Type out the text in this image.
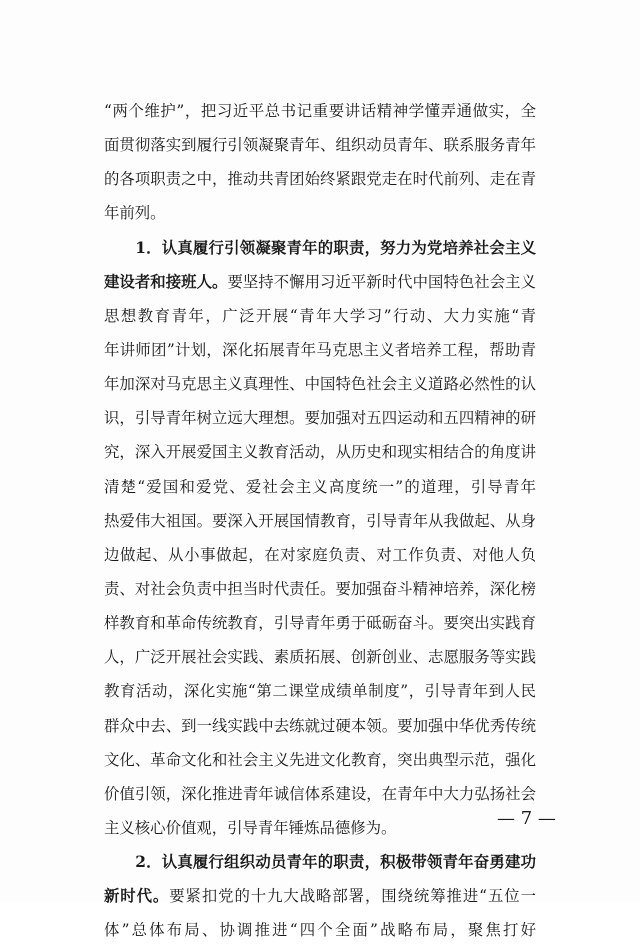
“两个维护”，把习近平总书记重要讲话精神学懂弄通做实，全
面贯彻落实到履行引领凝聚青年、组织动员青年、联系服务青年
的各项职责之中，推动共青团始终紧跟党走在时代前列、走在青
年前列。
　　1．认真履行引领凝聚青年的职责，努力为党培养社会主义
建设者和接班人。要坚持不懈用习近平新时代中国特色社会主义
思想教育青年，广泛开展“青年大学习”行动、大力实施“青
年讲师团”计划，深化拓展青年马克思主义者培养工程，帮助青
年加深对马克思主义真理性、中国特色社会主义道路必然性的认
识，引导青年树立远大理想。要加强对五四运动和五四精神的研
究，深入开展爱国主义教育活动，从历史和现实相结合的角度讲
清楚“爱国和爱党、爱社会主义高度统一”的道理，引导青年
热爱伟大祖国。要深入开展国情教育，引导青年从我做起、从身
边做起、从小事做起，在对家庭负责、对工作负责、对他人负
责、对社会负责中担当时代责任。要加强奋斗精神培养，深化榜
样教育和革命传统教育，引导青年勇于砥砺奋斗。要突出实践育
人，广泛开展社会实践、素质拓展、创新创业、志愿服务等实践
教育活动，深化实施“第二课堂成绩单制度”，引导青年到人民
群众中去、到一线实践中去练就过硬本领。要加强中华优秀传统
文化、革命文化和社会主义先进文化教育，突出典型示范，强化
价值引领，深化推进青年诚信体系建设，在青年中大力弘扬社会
主义核心价值观，引导青年锤炼品德修为。
　　2．认真履行组织动员青年的职责，积极带领青年奋勇建功
新时代。要紧扣党的十九大战略部署，围绕统筹推进“五位一
体”总体布局、协调推进“四个全面”战略布局，聚焦打好
— 7 —
